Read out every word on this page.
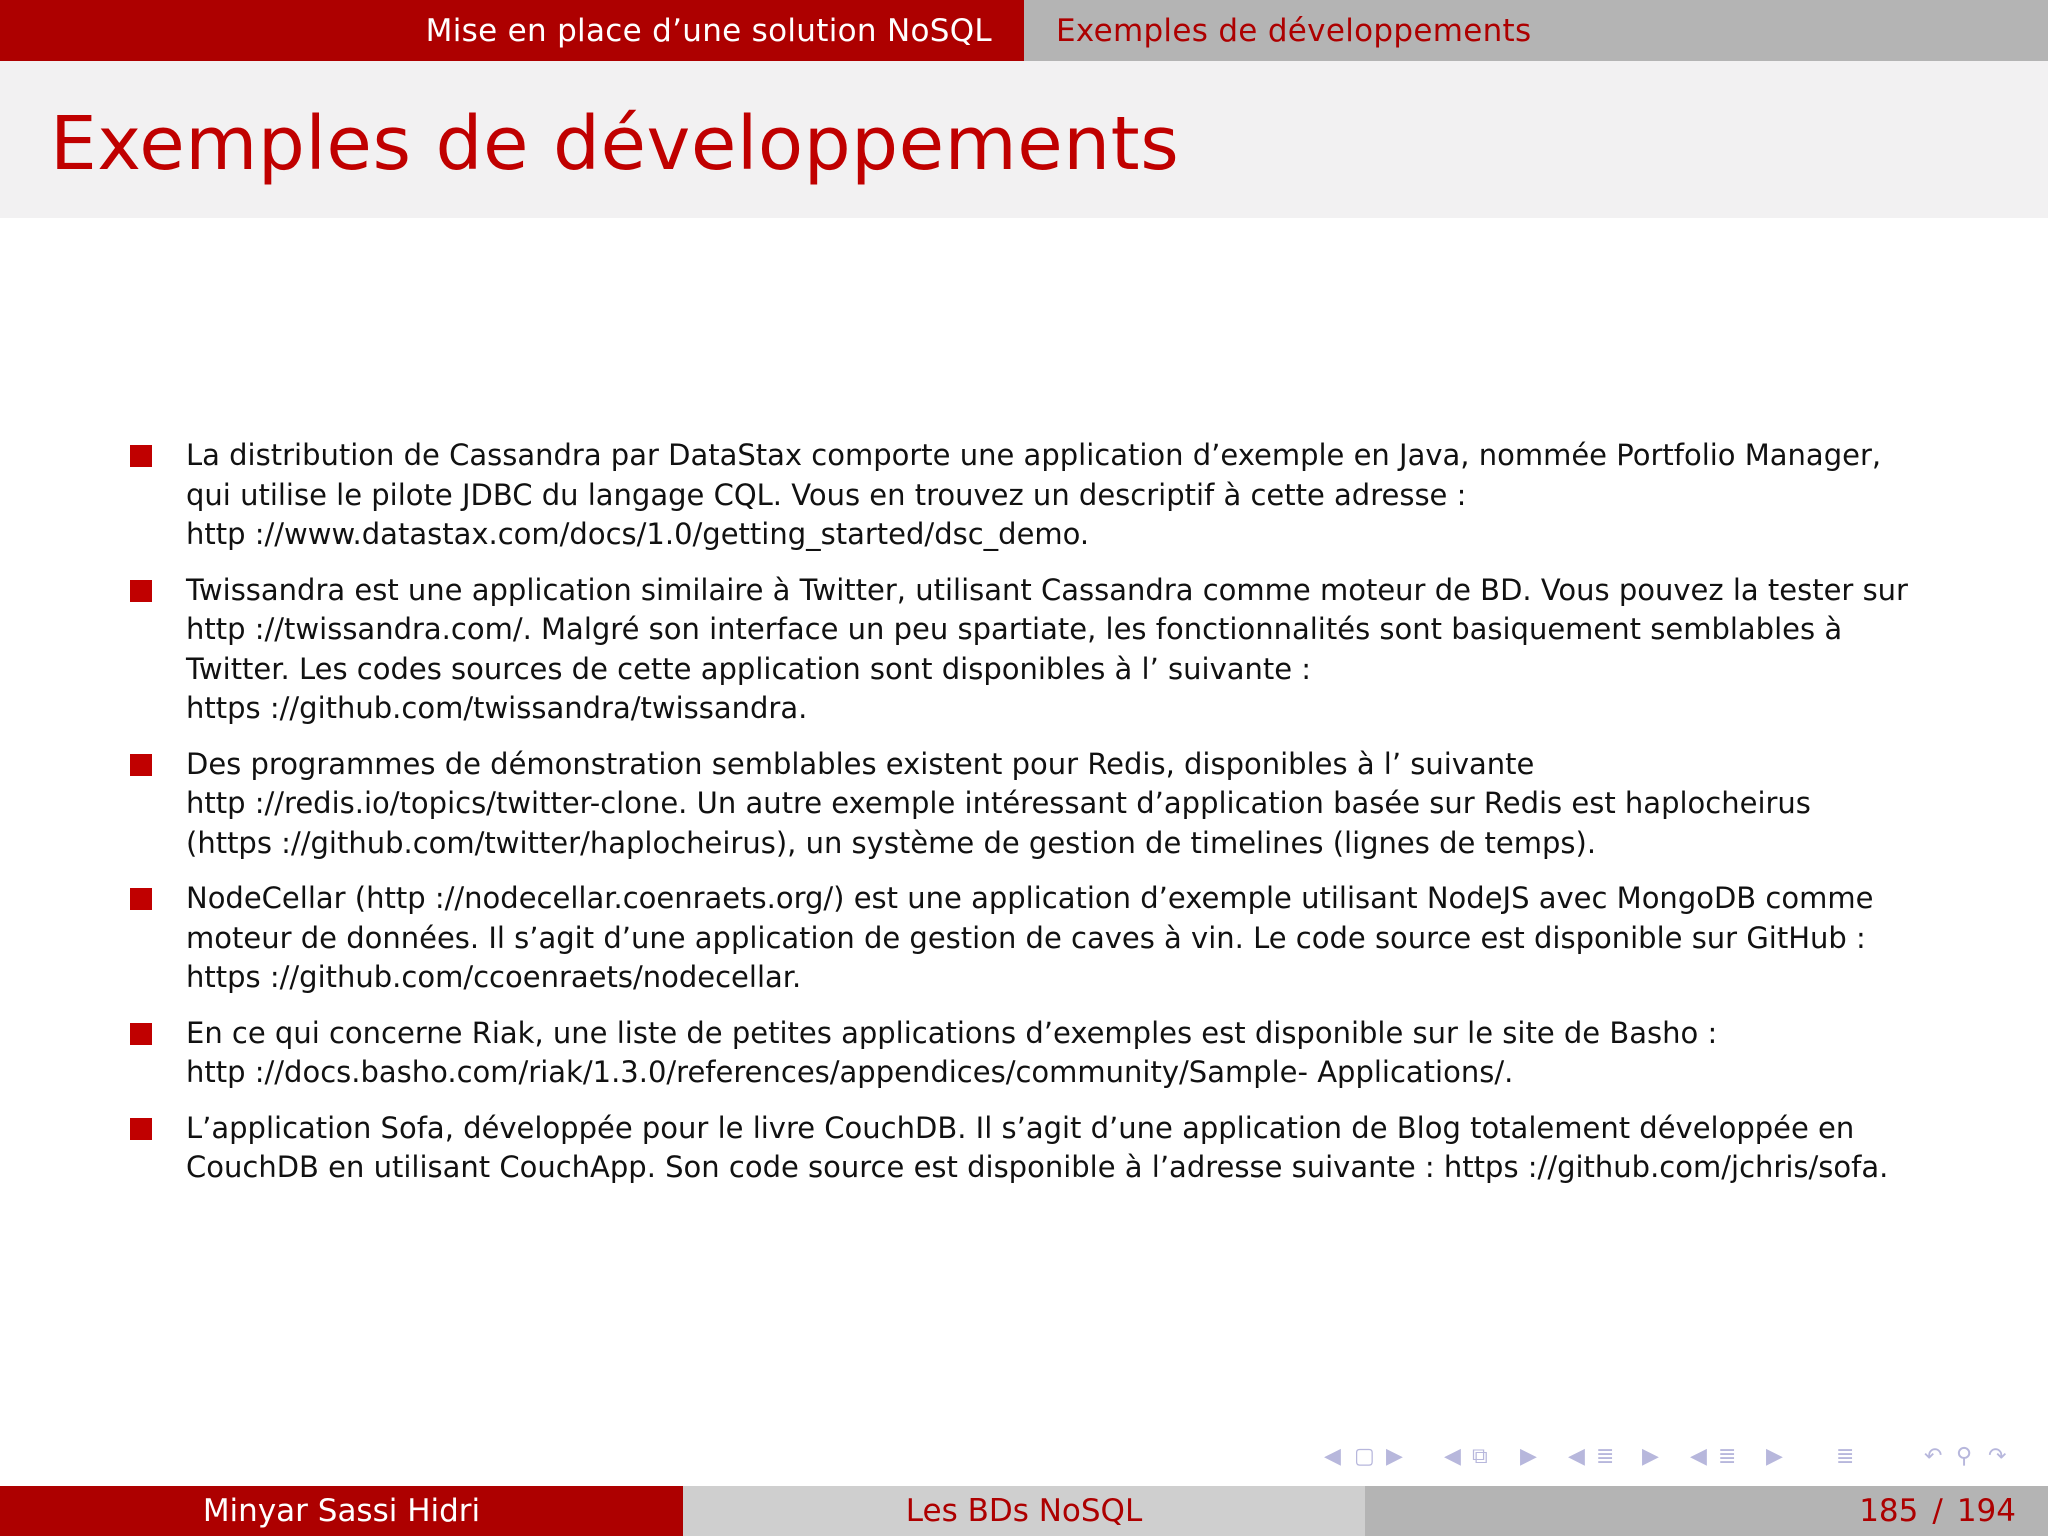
Mise en place d’une solution NoSQL Exemples de développements
Exemples de développements
La distribution de Cassandra par DataStax comporte une application d’exemple en Java, nommée Portfolio Manager,
qui utilise le pilote JDBC du langage CQL. Vous en trouvez un descriptif à cette adresse :
http ://www.datastax.com/docs/1.0/getting_started/dsc_demo.
Twissandra est une application similaire à Twitter, utilisant Cassandra comme moteur de BD. Vous pouvez la tester sur
http ://twissandra.com/. Malgré son interface un peu spartiate, les fonctionnalités sont basiquement semblables à
Twitter. Les codes sources de cette application sont disponibles à l’ suivante :
https ://github.com/twissandra/twissandra.
Des programmes de démonstration semblables existent pour Redis, disponibles à l’ suivante
http ://redis.io/topics/twitter-clone. Un autre exemple intéressant d’application basée sur Redis est haplocheirus
(https ://github.com/twitter/haplocheirus), un système de gestion de timelines (lignes de temps).
NodeCellar (http ://nodecellar.coenraets.org/) est une application d’exemple utilisant NodeJS avec MongoDB comme
moteur de données. Il s’agit d’une application de gestion de caves à vin. Le code source est disponible sur GitHub :
https ://github.com/ccoenraets/nodecellar.
En ce qui concerne Riak, une liste de petites applications d’exemples est disponible sur le site de Basho :
http ://docs.basho.com/riak/1.3.0/references/appendices/community/Sample- Applications/.
L’application Sofa, développée pour le livre CouchDB. Il s’agit d’une application de Blog totalement développée en
CouchDB en utilisant CouchApp. Son code source est disponible à l’adresse suivante : https ://github.com/jchris/sofa.
◀ ▢ ▶ ◀ ⧉ ▶ ◀ ≣ ▶ ◀ ≣ ▶ ≣	↶ ⚲ ↷
Minyar Sassi Hidri	Les BDs NoSQL	185 / 194
